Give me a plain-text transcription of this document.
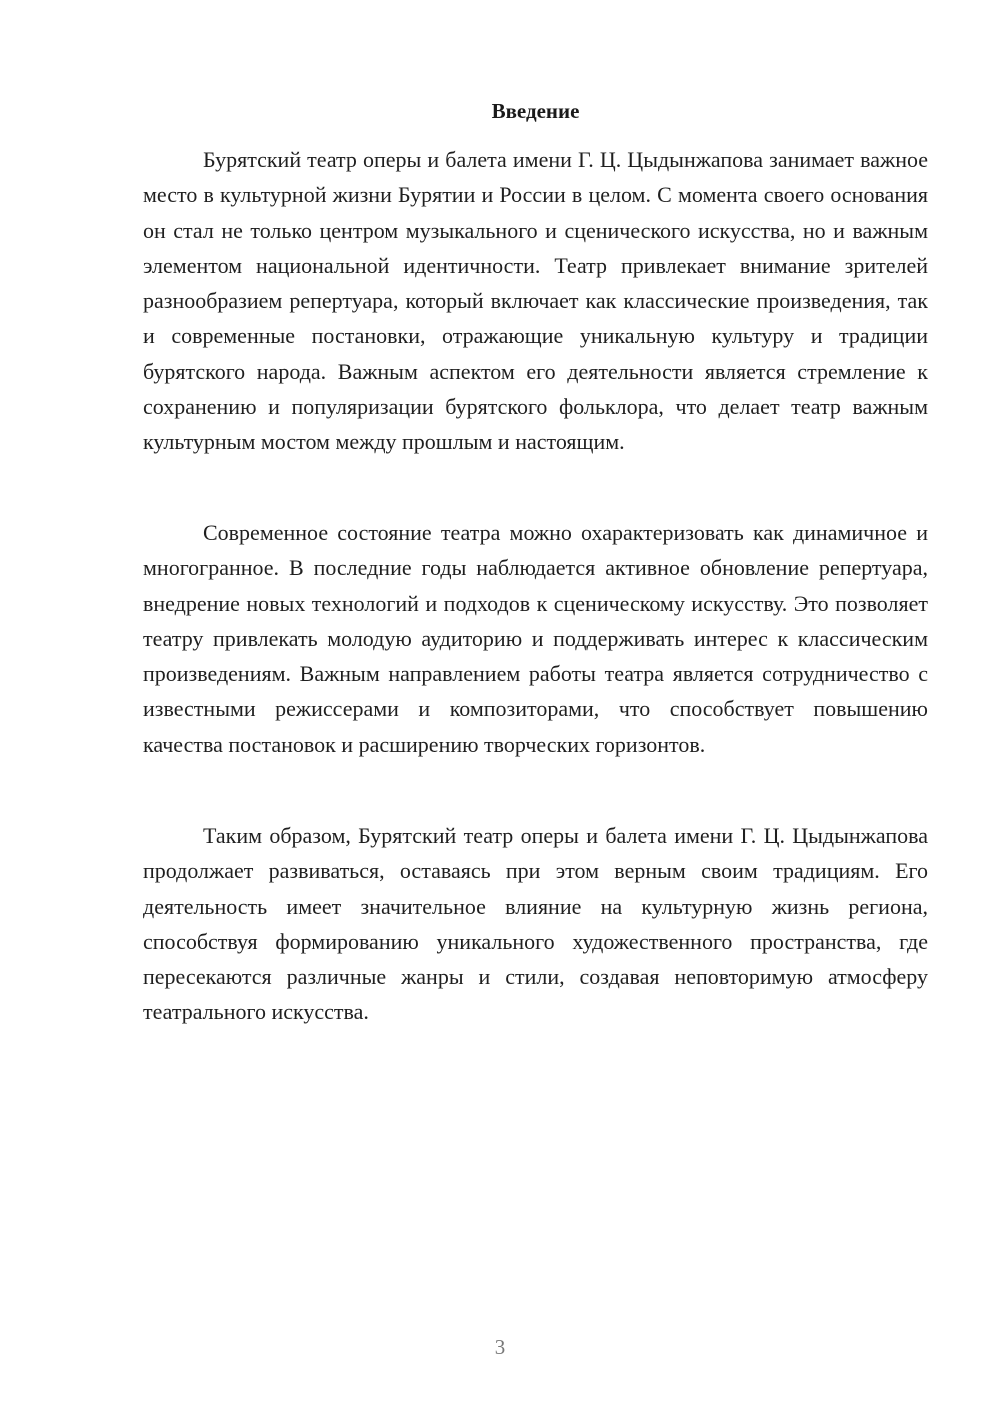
Введение

Бурятский театр оперы и балета имени Г. Ц. Цыдынжапова занимает важное место в культурной жизни Бурятии и России в целом. С момента своего основания он стал не только центром музыкального и сценического искусства, но и важным элементом национальной идентичности. Театр привлекает внимание зрителей разнообразием репертуара, который включает как классические произведения, так и современные постановки, отражающие уникальную культуру и традиции бурятского народа. Важным аспектом его деятельности является стремление к сохранению и популяризации бурятского фольклора, что делает театр важным культурным мостом между прошлым и настоящим.

Современное состояние театра можно охарактеризовать как динамичное и многогранное. В последние годы наблюдается активное обновление репертуара, внедрение новых технологий и подходов к сценическому искусству. Это позволяет театру привлекать молодую аудиторию и поддерживать интерес к классическим произведениям. Важным направлением работы театра является сотрудничество с известными режиссерами и композиторами, что способствует повышению качества постановок и расширению творческих горизонтов.

Таким образом, Бурятский театр оперы и балета имени Г. Ц. Цыдынжапова продолжает развиваться, оставаясь при этом верным своим традициям. Его деятельность имеет значительное влияние на культурную жизнь региона, способствуя формированию уникального художественного пространства, где пересекаются различные жанры и стили, создавая неповторимую атмосферу театрального искусства.

3
